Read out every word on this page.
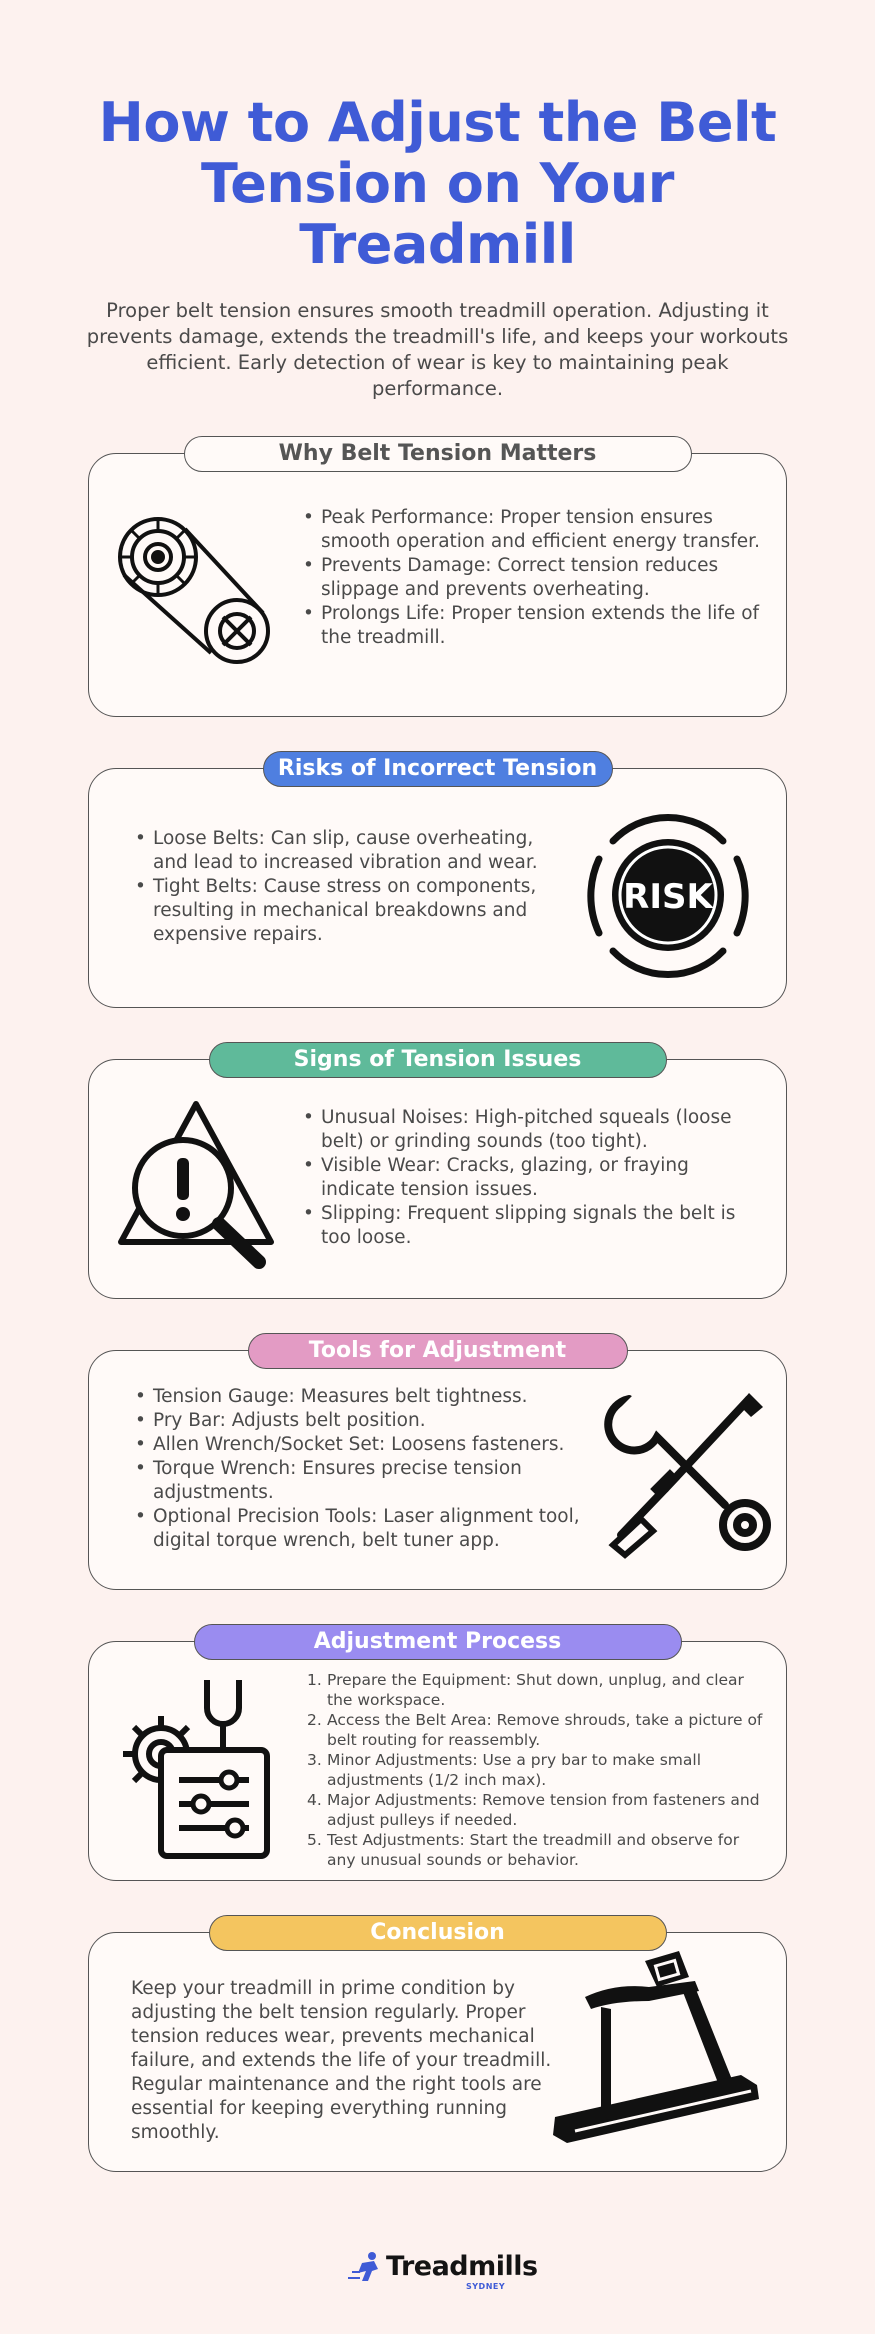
How to Adjust the Belt Tension on Your Treadmill

Proper belt tension ensures smooth treadmill operation. Adjusting it prevents damage, extends the treadmill's life, and keeps your workouts efficient. Early detection of wear is key to maintaining peak performance.

Why Belt Tension Matters
• Peak Performance: Proper tension ensures smooth operation and efficient energy transfer.
• Prevents Damage: Correct tension reduces slippage and prevents overheating.
• Prolongs Life: Proper tension extends the life of the treadmill.
Risks of Incorrect Tension
• Loose Belts: Can slip, cause overheating, and lead to increased vibration and wear.
• Tight Belts: Cause stress on components, resulting in mechanical breakdowns and expensive repairs.
RISK
Signs of Tension Issues
• Unusual Noises: High-pitched squeals (loose belt) or grinding sounds (too tight).
• Visible Wear: Cracks, glazing, or fraying indicate tension issues.
• Slipping: Frequent slipping signals the belt is too loose.
Tools for Adjustment
• Tension Gauge: Measures belt tightness.
• Pry Bar: Adjusts belt position.
• Allen Wrench/Socket Set: Loosens fasteners.
• Torque Wrench: Ensures precise tension adjustments.
• Optional Precision Tools: Laser alignment tool, digital torque wrench, belt tuner app.
Adjustment Process
1. Prepare the Equipment: Shut down, unplug, and clear the workspace.
2. Access the Belt Area: Remove shrouds, take a picture of belt routing for reassembly.
3. Minor Adjustments: Use a pry bar to make small adjustments (1/2 inch max).
4. Major Adjustments: Remove tension from fasteners and adjust pulleys if needed.
5. Test Adjustments: Start the treadmill and observe for any unusual sounds or behavior.
Conclusion

Keep your treadmill in prime condition by adjusting the belt tension regularly. Proper tension reduces wear, prevents mechanical failure, and extends the life of your treadmill. Regular maintenance and the right tools are essential for keeping everything running smoothly.

Treadmills
SYDNEY
